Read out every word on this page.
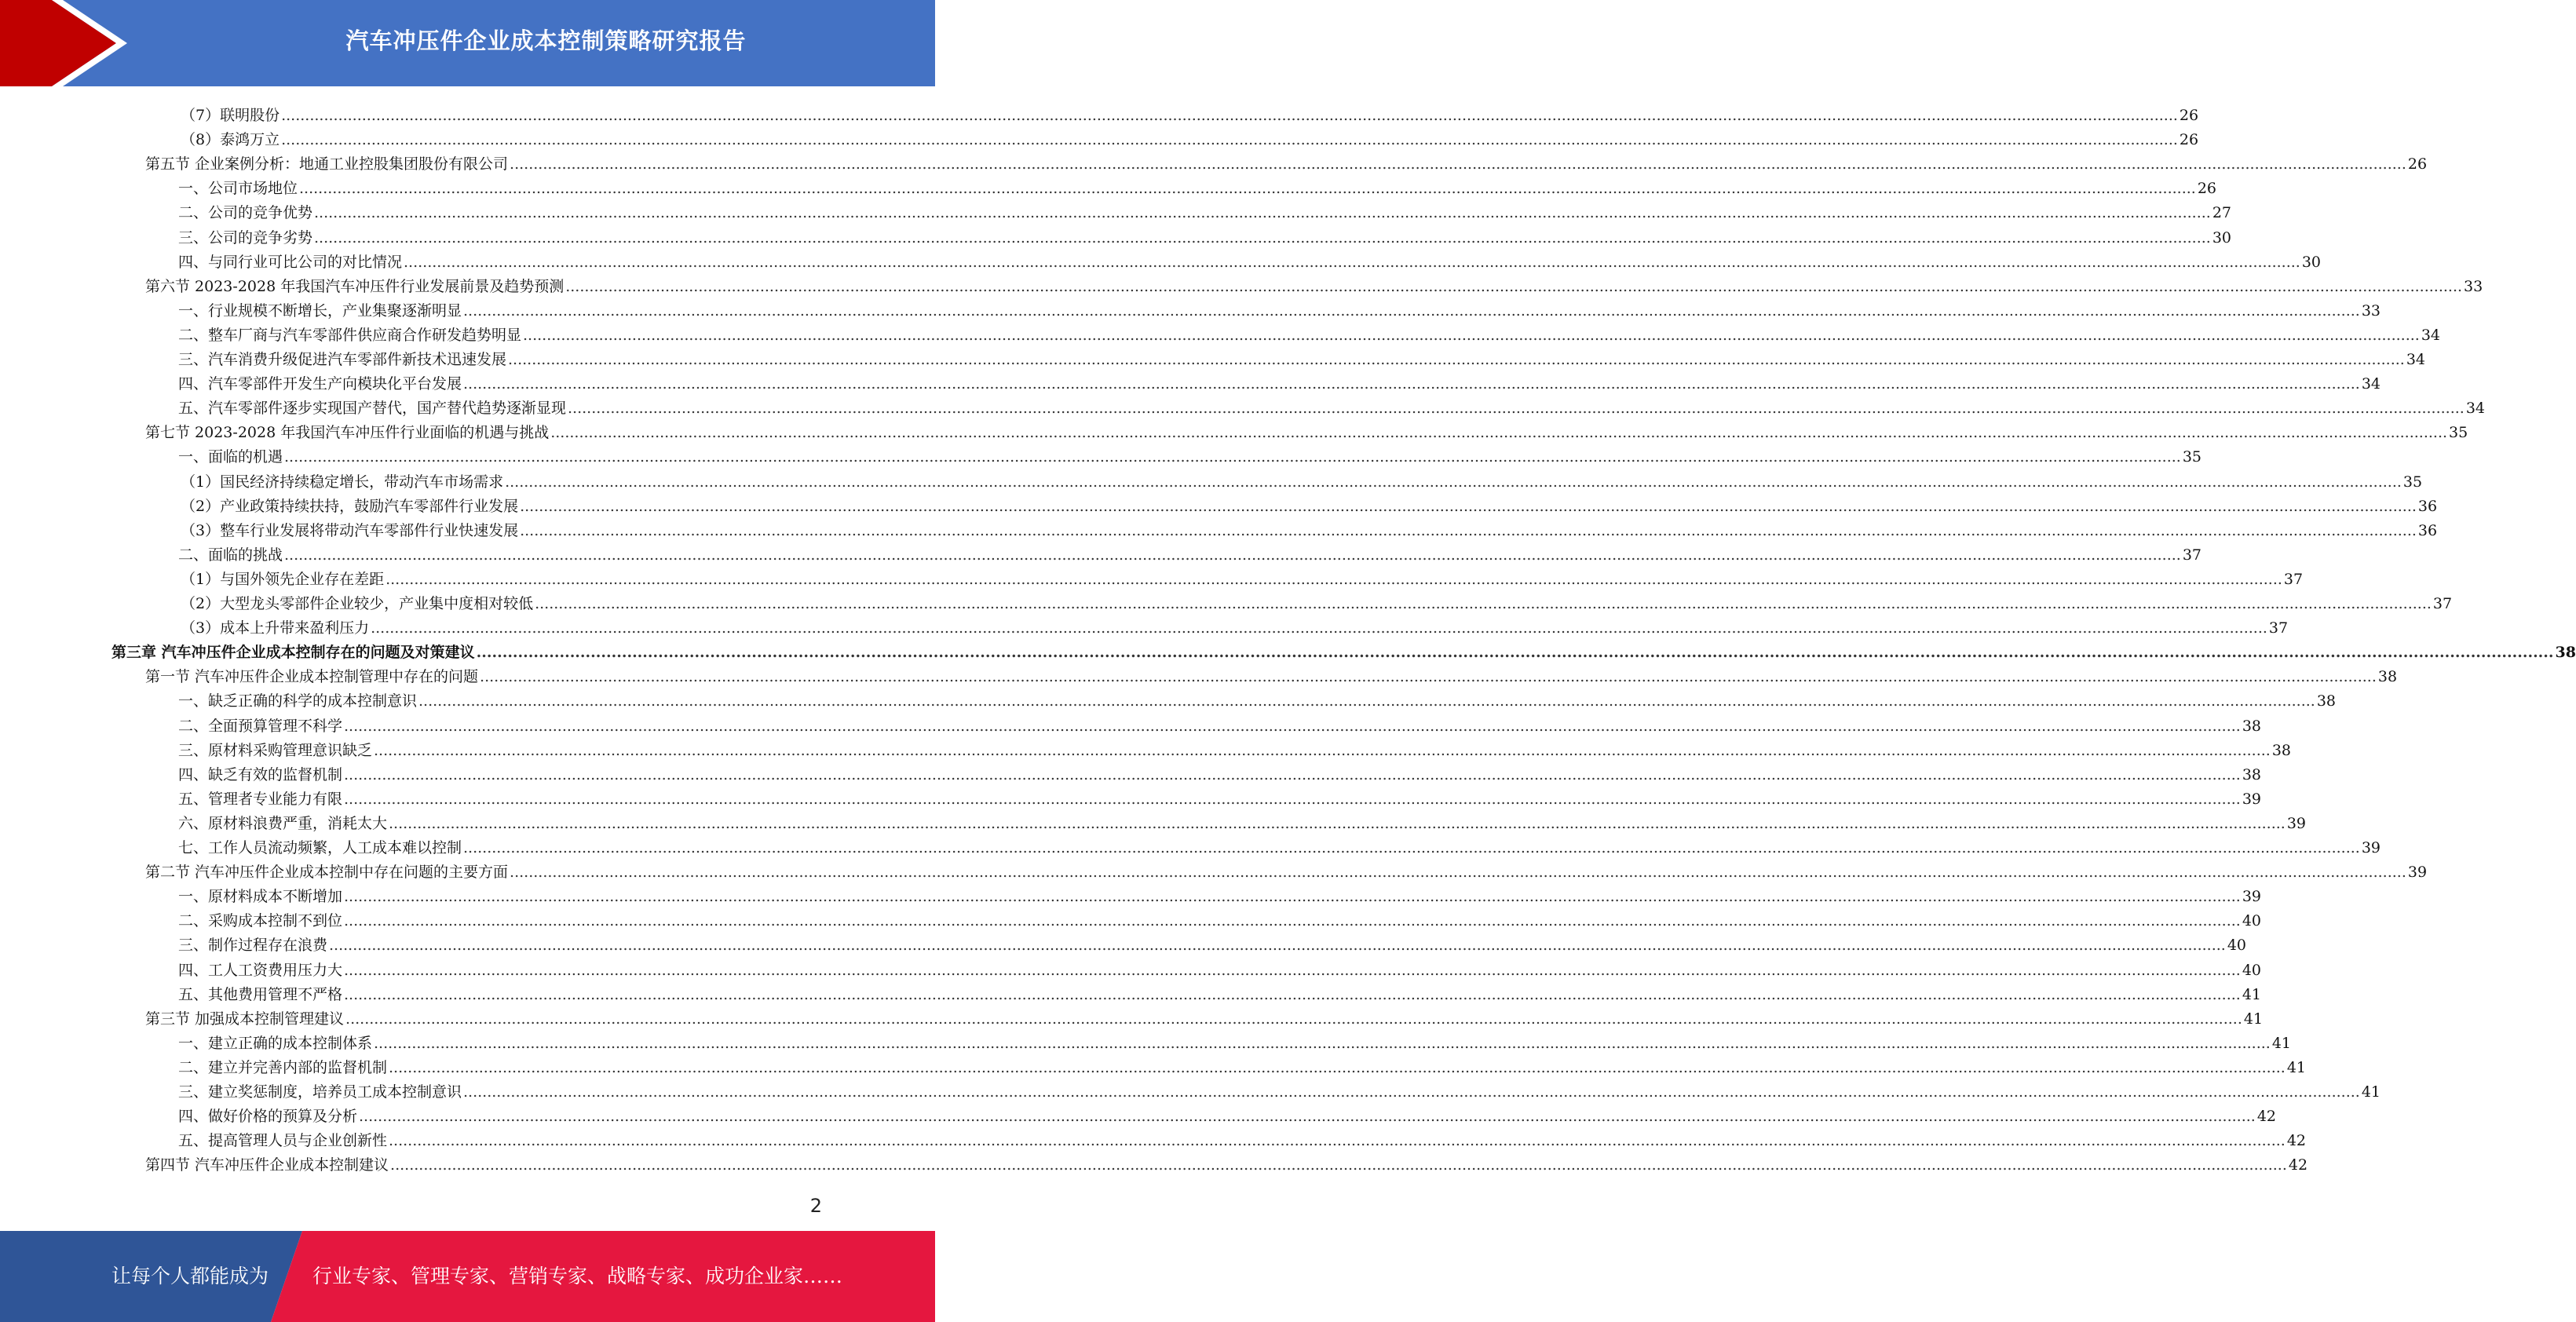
汽车冲压件企业成本控制策略研究报告
（7）联明股份 ................................................................................................................................................................................................................................................................................................................................................................................................................ 26
（8）泰鸿万立 ................................................................................................................................................................................................................................................................................................................................................................................................................ 26
第五节 企业案例分析：地通工业控股集团股份有限公司 ................................................................................................................................................................................................................................................................................................................................................................................................................ 26
一、公司市场地位 ................................................................................................................................................................................................................................................................................................................................................................................................................ 26
二、公司的竞争优势 ................................................................................................................................................................................................................................................................................................................................................................................................................ 27
三、公司的竞争劣势 ................................................................................................................................................................................................................................................................................................................................................................................................................ 30
四、与同行业可比公司的对比情况 ................................................................................................................................................................................................................................................................................................................................................................................................................ 30
第六节 2023-2028 年我国汽车冲压件行业发展前景及趋势预测 ................................................................................................................................................................................................................................................................................................................................................................................................................ 33
一、行业规模不断增长，产业集聚逐渐明显 ................................................................................................................................................................................................................................................................................................................................................................................................................ 33
二、整车厂商与汽车零部件供应商合作研发趋势明显 ................................................................................................................................................................................................................................................................................................................................................................................................................ 34
三、汽车消费升级促进汽车零部件新技术迅速发展 ................................................................................................................................................................................................................................................................................................................................................................................................................ 34
四、汽车零部件开发生产向模块化平台发展 ................................................................................................................................................................................................................................................................................................................................................................................................................ 34
五、汽车零部件逐步实现国产替代，国产替代趋势逐渐显现 ................................................................................................................................................................................................................................................................................................................................................................................................................ 34
第七节 2023-2028 年我国汽车冲压件行业面临的机遇与挑战 ................................................................................................................................................................................................................................................................................................................................................................................................................ 35
一、面临的机遇 ................................................................................................................................................................................................................................................................................................................................................................................................................ 35
（1）国民经济持续稳定增长，带动汽车市场需求 ................................................................................................................................................................................................................................................................................................................................................................................................................ 35
（2）产业政策持续扶持，鼓励汽车零部件行业发展 ................................................................................................................................................................................................................................................................................................................................................................................................................ 36
（3）整车行业发展将带动汽车零部件行业快速发展 ................................................................................................................................................................................................................................................................................................................................................................................................................ 36
二、面临的挑战 ................................................................................................................................................................................................................................................................................................................................................................................................................ 37
（1）与国外领先企业存在差距 ................................................................................................................................................................................................................................................................................................................................................................................................................ 37
（2）大型龙头零部件企业较少，产业集中度相对较低 ................................................................................................................................................................................................................................................................................................................................................................................................................ 37
（3）成本上升带来盈利压力 ................................................................................................................................................................................................................................................................................................................................................................................................................ 37
第三章 汽车冲压件企业成本控制存在的问题及对策建议 ................................................................................................................................................................................................................................................................................................................................................................................................................ 38
第一节 汽车冲压件企业成本控制管理中存在的问题 ................................................................................................................................................................................................................................................................................................................................................................................................................ 38
一、缺乏正确的科学的成本控制意识 ................................................................................................................................................................................................................................................................................................................................................................................................................ 38
二、全面预算管理不科学 ................................................................................................................................................................................................................................................................................................................................................................................................................ 38
三、原材料采购管理意识缺乏 ................................................................................................................................................................................................................................................................................................................................................................................................................ 38
四、缺乏有效的监督机制 ................................................................................................................................................................................................................................................................................................................................................................................................................ 38
五、管理者专业能力有限 ................................................................................................................................................................................................................................................................................................................................................................................................................ 39
六、原材料浪费严重，消耗太大 ................................................................................................................................................................................................................................................................................................................................................................................................................ 39
七、工作人员流动频繁，人工成本难以控制 ................................................................................................................................................................................................................................................................................................................................................................................................................ 39
第二节 汽车冲压件企业成本控制中存在问题的主要方面 ................................................................................................................................................................................................................................................................................................................................................................................................................ 39
一、原材料成本不断增加 ................................................................................................................................................................................................................................................................................................................................................................................................................ 39
二、采购成本控制不到位 ................................................................................................................................................................................................................................................................................................................................................................................................................ 40
三、制作过程存在浪费 ................................................................................................................................................................................................................................................................................................................................................................................................................ 40
四、工人工资费用压力大 ................................................................................................................................................................................................................................................................................................................................................................................................................ 40
五、其他费用管理不严格 ................................................................................................................................................................................................................................................................................................................................................................................................................ 41
第三节 加强成本控制管理建议 ................................................................................................................................................................................................................................................................................................................................................................................................................ 41
一、建立正确的成本控制体系 ................................................................................................................................................................................................................................................................................................................................................................................................................ 41
二、建立并完善内部的监督机制 ................................................................................................................................................................................................................................................................................................................................................................................................................ 41
三、建立奖惩制度，培养员工成本控制意识 ................................................................................................................................................................................................................................................................................................................................................................................................................ 41
四、做好价格的预算及分析 ................................................................................................................................................................................................................................................................................................................................................................................................................ 42
五、提高管理人员与企业创新性 ................................................................................................................................................................................................................................................................................................................................................................................................................ 42
第四节 汽车冲压件企业成本控制建议 ................................................................................................................................................................................................................................................................................................................................................................................................................ 42
2
让每个人都能成为 行业专家、管理专家、营销专家、战略专家、成功企业家……
